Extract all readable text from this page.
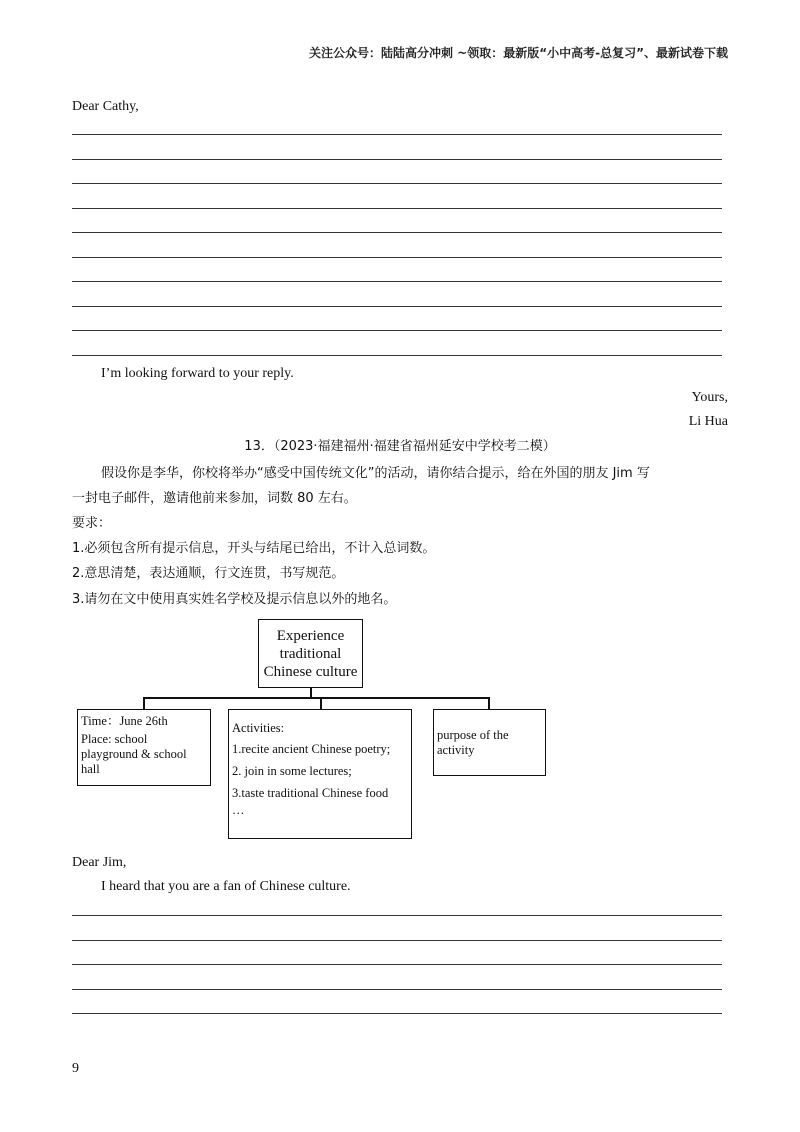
关注公众号：陆陆高分冲刺 ~领取：最新版“小中高考-总复习”、最新试卷下载
Dear Cathy,
I’m looking forward to your reply.
Yours,
Li Hua
13．（2023·福建福州·福建省福州延安中学校考二模）
假设你是李华，你校将举办“感受中国传统文化”的活动，请你结合提示，给在外国的朋友 Jim 写
一封电子邮件，邀请他前来参加，词数 80 左右。
要求：
1.必须包含所有提示信息，开头与结尾已给出，不计入总词数。
2.意思清楚，表达通顺，行文连贯，书写规范。
3.请勿在文中使用真实姓名学校及提示信息以外的地名。
Experience
traditional
Chinese culture
Time：June 26th
Place: school
playground & school
hall
Activities:
1.recite ancient Chinese poetry;
2. join in some lectures;
3.taste traditional Chinese food
…
purpose of the
activity
Dear Jim,
I heard that you are a fan of Chinese culture.
9
